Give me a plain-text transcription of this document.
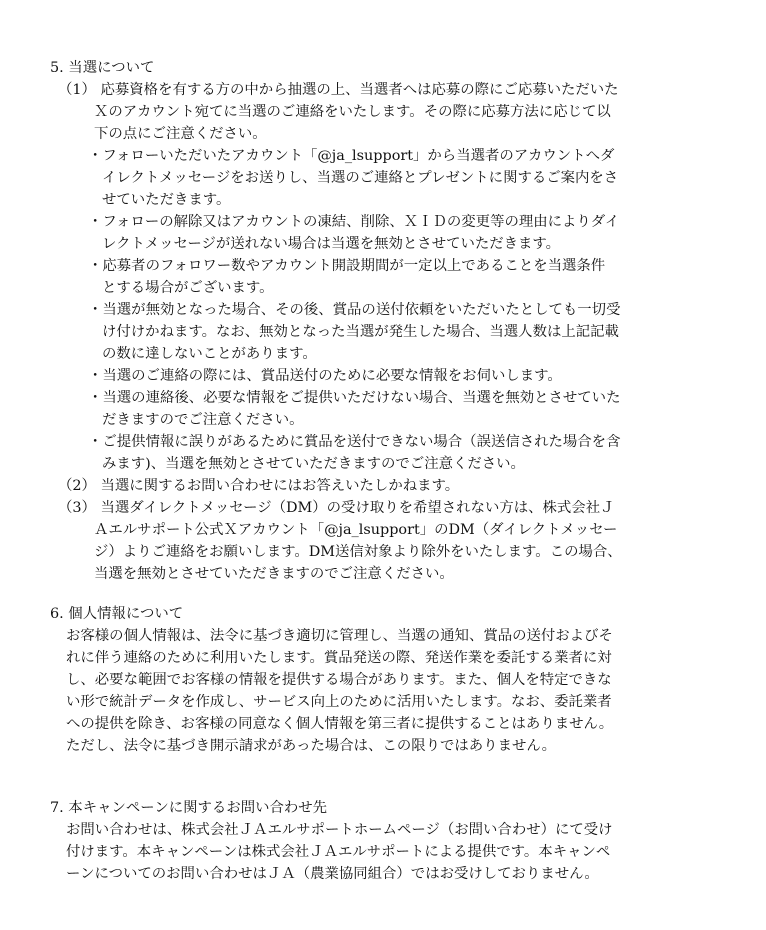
5. 当選について
（1） 応募資格を有する方の中から抽選の上、当選者へは応募の際にご応募いただいた
Ｘのアカウント宛てに当選のご連絡をいたします。その際に応募方法に応じて以
下の点にご注意ください。
・フォローいただいたアカウント「@ja_lsupport」から当選者のアカウントへダ
イレクトメッセージをお送りし、当選のご連絡とプレゼントに関するご案内をさ
せていただきます。
・フォローの解除又はアカウントの凍結、削除、ＸＩＤの変更等の理由によりダイ
レクトメッセージが送れない場合は当選を無効とさせていただきます。
・応募者のフォロワー数やアカウント開設期間が一定以上であることを当選条件
とする場合がございます。
・当選が無効となった場合、その後、賞品の送付依頼をいただいたとしても一切受
け付けかねます。なお、無効となった当選が発生した場合、当選人数は上記記載
の数に達しないことがあります。
・当選のご連絡の際には、賞品送付のために必要な情報をお伺いします。
・当選の連絡後、必要な情報をご提供いただけない場合、当選を無効とさせていた
だきますのでご注意ください。
・ご提供情報に誤りがあるために賞品を送付できない場合（誤送信された場合を含
みます)、当選を無効とさせていただきますのでご注意ください。
（2） 当選に関するお問い合わせにはお答えいたしかねます。
（3） 当選ダイレクトメッセージ（DM）の受け取りを希望されない方は、株式会社Ｊ
Ａエルサポート公式Ｘアカウント「@ja_lsupport」のDM（ダイレクトメッセー
ジ）よりご連絡をお願いします。DM送信対象より除外をいたします。この場合、
当選を無効とさせていただきますのでご注意ください。
6. 個人情報について
お客様の個人情報は、法令に基づき適切に管理し、当選の通知、賞品の送付およびそ
れに伴う連絡のために利用いたします。賞品発送の際、発送作業を委託する業者に対
し、必要な範囲でお客様の情報を提供する場合があります。また、個人を特定できな
い形で統計データを作成し、サービス向上のために活用いたします。なお、委託業者
への提供を除き、お客様の同意なく個人情報を第三者に提供することはありません。
ただし、法令に基づき開示請求があった場合は、この限りではありません。
7. 本キャンペーンに関するお問い合わせ先
お問い合わせは、株式会社ＪＡエルサポートホームページ（お問い合わせ）にて受け
付けます。本キャンペーンは株式会社ＪＡエルサポートによる提供です。本キャンペ
ーンについてのお問い合わせはＪＡ（農業協同組合）ではお受けしておりません。
